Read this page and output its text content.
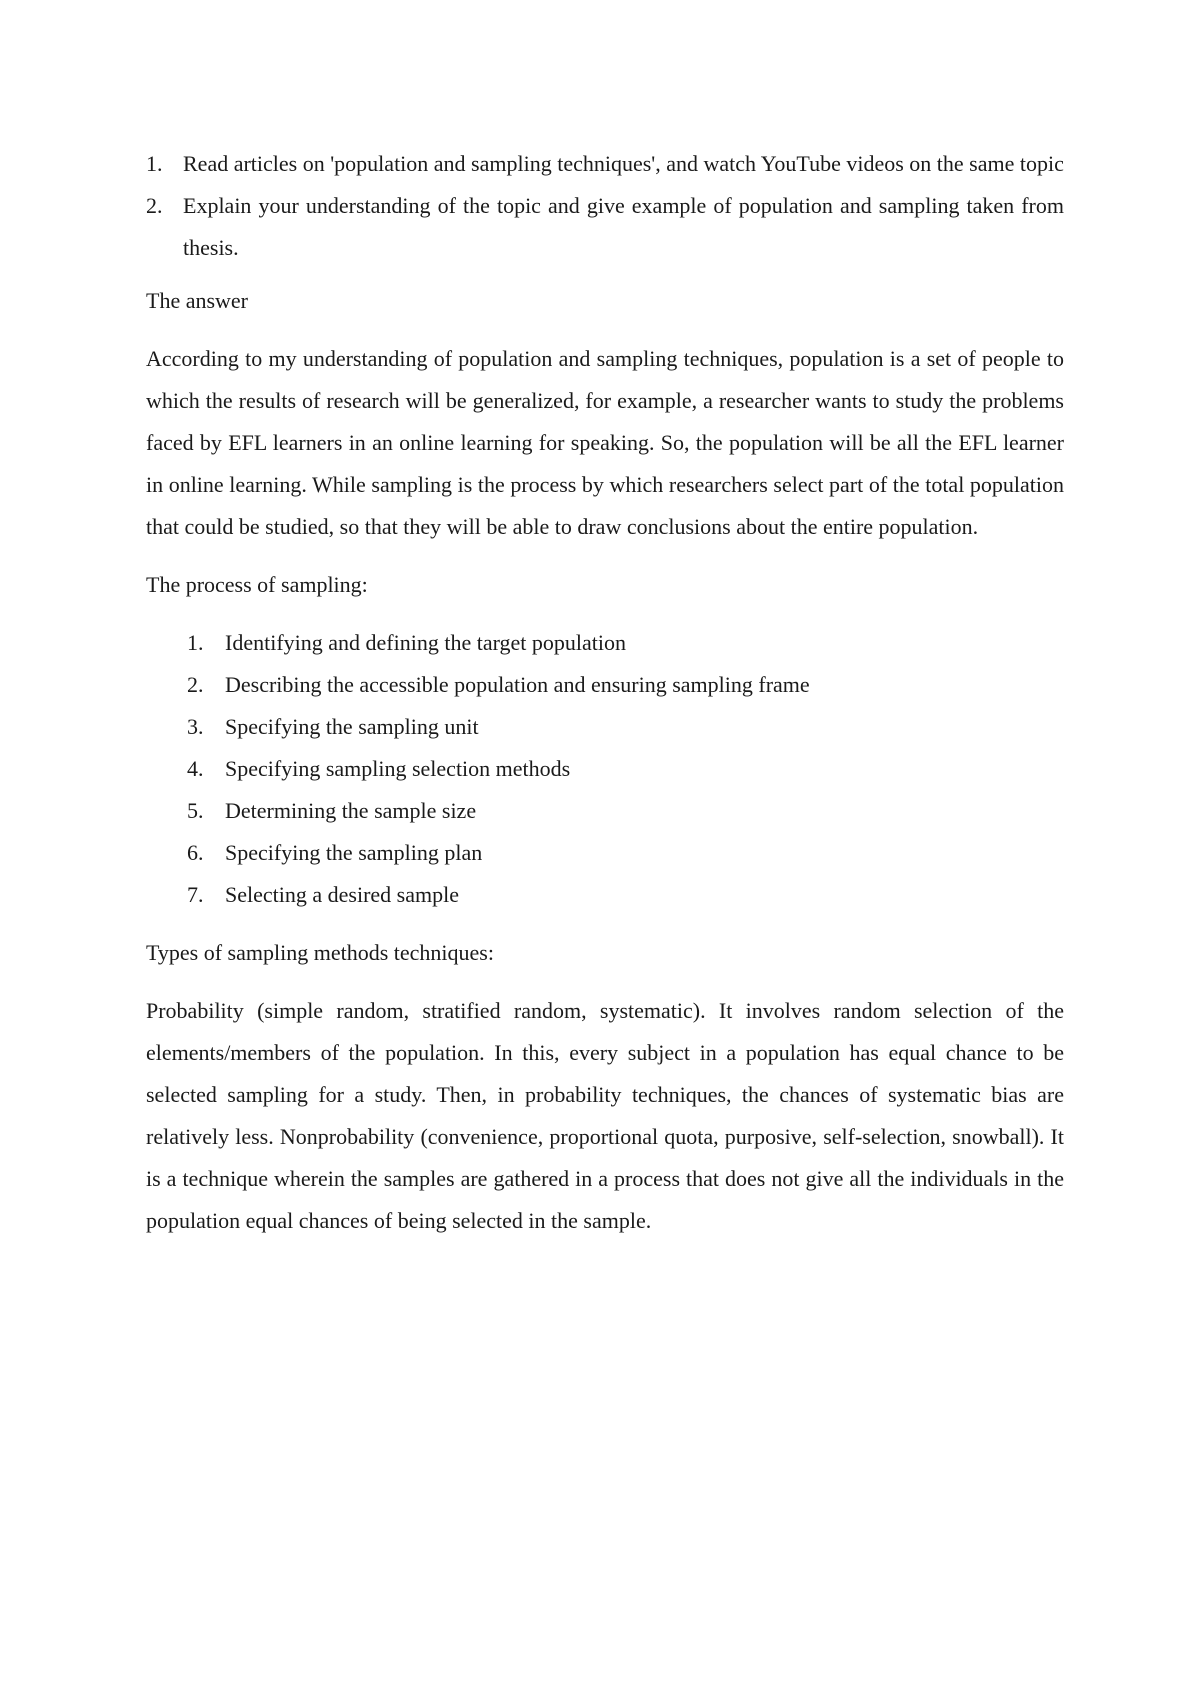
1. Read articles on 'population and sampling techniques', and watch YouTube videos on the same topic
2. Explain your understanding of the topic and give example of population and sampling taken from thesis.

The answer

According to my understanding of population and sampling techniques, population is a set of people to which the results of research will be generalized, for example, a researcher wants to study the problems faced by EFL learners in an online learning for speaking. So, the population will be all the EFL learner in online learning. While sampling is the process by which researchers select part of the total population that could be studied, so that they will be able to draw conclusions about the entire population.

The process of sampling:

1. Identifying and defining the target population
2. Describing the accessible population and ensuring sampling frame
3. Specifying the sampling unit
4. Specifying sampling selection methods
5. Determining the sample size
6. Specifying the sampling plan
7. Selecting a desired sample

Types of sampling methods techniques:

Probability (simple random, stratified random, systematic). It involves random selection of the elements/members of the population. In this, every subject in a population has equal chance to be selected sampling for a study. Then, in probability techniques, the chances of systematic bias are relatively less. Nonprobability (convenience, proportional quota, purposive, self-selection, snowball). It is a technique wherein the samples are gathered in a process that does not give all the individuals in the population equal chances of being selected in the sample.
